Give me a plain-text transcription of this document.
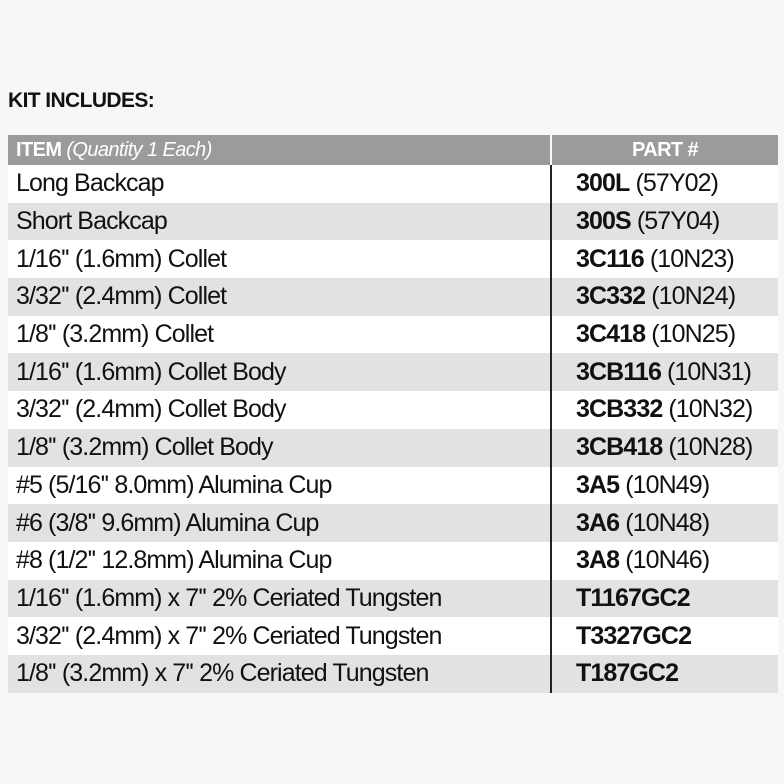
KIT INCLUDES:
ITEM (Quantity 1 Each)	PART #
Long Backcap	300L (57Y02)
Short Backcap	300S (57Y04)
1/16'' (1.6mm) Collet	3C116 (10N23)
3/32'' (2.4mm) Collet	3C332 (10N24)
1/8'' (3.2mm) Collet	3C418 (10N25)
1/16'' (1.6mm) Collet Body	3CB116 (10N31)
3/32'' (2.4mm) Collet Body	3CB332 (10N32)
1/8'' (3.2mm) Collet Body	3CB418 (10N28)
#5 (5/16'' 8.0mm) Alumina Cup	3A5 (10N49)
#6 (3/8'' 9.6mm) Alumina Cup	3A6 (10N48)
#8 (1/2'' 12.8mm) Alumina Cup	3A8 (10N46)
1/16'' (1.6mm) x 7'' 2% Ceriated Tungsten	T1167GC2
3/32'' (2.4mm) x 7'' 2% Ceriated Tungsten	T3327GC2
1/8'' (3.2mm) x 7'' 2% Ceriated Tungsten	T187GC2
